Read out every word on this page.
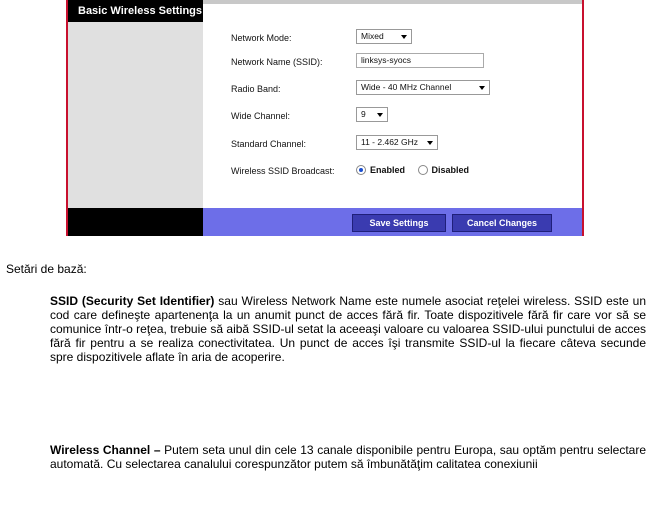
Basic Wireless Settings
Network Mode:	Mixed
Network Name (SSID):	linksys-syocs
Radio Band:	Wide - 40 MHz Channel
Wide Channel:	9
Standard Channel:	11 - 2.462 GHz
Wireless SSID Broadcast:	Enabled	Disabled
Save Settings	Cancel Changes
Setări de bază:
SSID (Security Set Identifier) sau Wireless Network Name este numele asociat reţelei wireless. SSID este un cod care defineşte apartenenţa la un anumit punct de acces fără fir. Toate dispozitivele fără fir care vor să se comunice într-o reţea, trebuie să aibă SSID-ul setat la aceeaşi valoare cu valoarea SSID-ului punctului de acces fără fir pentru a se realiza conectivitatea. Un punct de acces îşi transmite SSID-ul la fiecare câteva secunde spre dispozitivele aflate în aria de acoperire.
Wireless Channel – Putem seta unul din cele 13 canale disponibile pentru Europa, sau optăm pentru selectare automată. Cu selectarea canalului corespunzător putem să îmbunătăţim calitatea conexiunii
